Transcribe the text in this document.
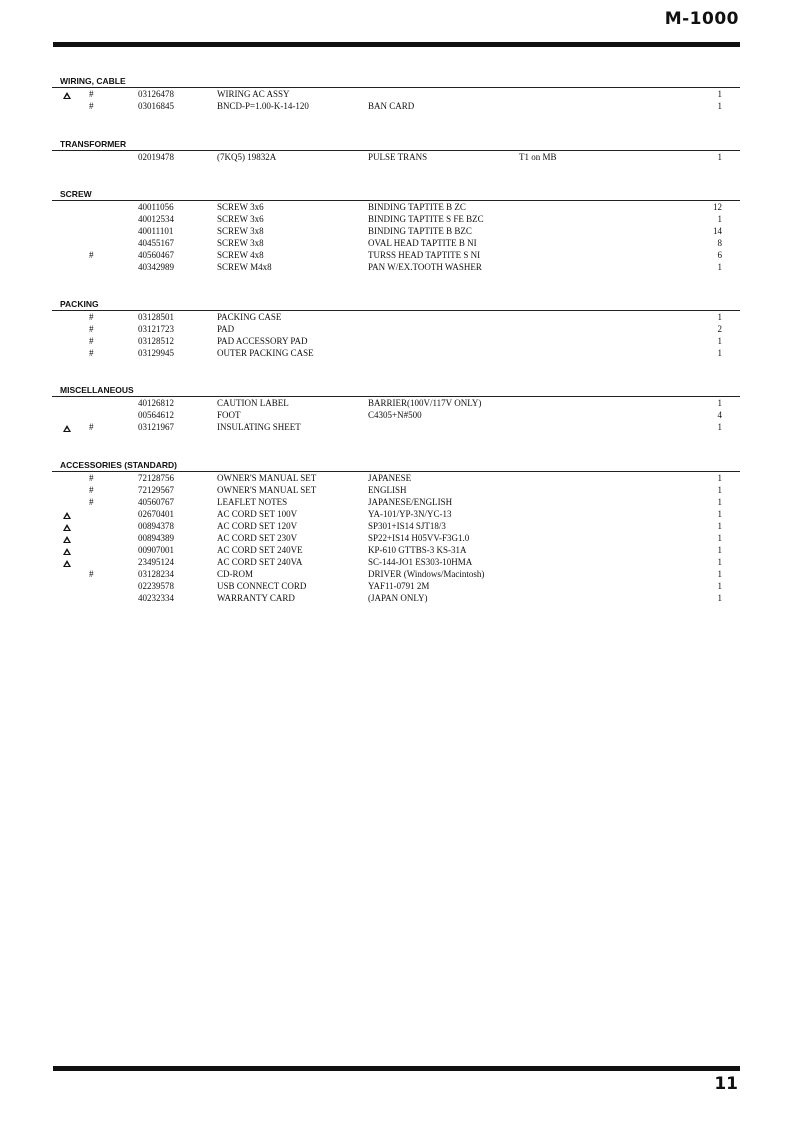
M-1000
WIRING, CABLE
#	03126478	WIRING AC ASSY	1
#	03016845	BNCD-P=1.00-K-14-120	BAN CARD	1
TRANSFORMER
02019478	(7KQ5) 19832A	PULSE TRANS	T1 on MB	1
SCREW
40011056	SCREW 3x6	BINDING TAPTITE B ZC	12
40012534	SCREW 3x6	BINDING TAPTITE S FE BZC	1
40011101	SCREW 3x8	BINDING TAPTITE B BZC	14
40455167	SCREW 3x8	OVAL HEAD TAPTITE B NI	8
#	40560467	SCREW 4x8	TURSS HEAD TAPTITE S NI	6
40342989	SCREW M4x8	PAN W/EX.TOOTH WASHER	1
PACKING
#	03128501	PACKING CASE	1
#	03121723	PAD	2
#	03128512	PAD ACCESSORY PAD	1
#	03129945	OUTER PACKING CASE	1
MISCELLANEOUS
40126812	CAUTION LABEL	BARRIER(100V/117V ONLY)	1
00564612	FOOT	C4305+N#500	4
#	03121967	INSULATING SHEET	1
ACCESSORIES (STANDARD)
#	72128756	OWNER'S MANUAL SET	JAPANESE	1
#	72129567	OWNER'S MANUAL SET	ENGLISH	1
#	40560767	LEAFLET NOTES	JAPANESE/ENGLISH	1
02670401	AC CORD SET 100V	YA-101/YP-3N/YC-13	1
00894378	AC CORD SET 120V	SP301+IS14 SJT18/3	1
00894389	AC CORD SET 230V	SP22+IS14 H05VV-F3G1.0	1
00907001	AC CORD SET 240VE	KP-610 GTTBS-3 KS-31A	1
23495124	AC CORD SET 240VA	SC-144-JO1 ES303-10HMA	1
#	03128234	CD-ROM	DRIVER (Windows/Macintosh)	1
02239578	USB CONNECT CORD	YAF11-0791 2M	1
40232334	WARRANTY CARD	(JAPAN ONLY)	1
11
